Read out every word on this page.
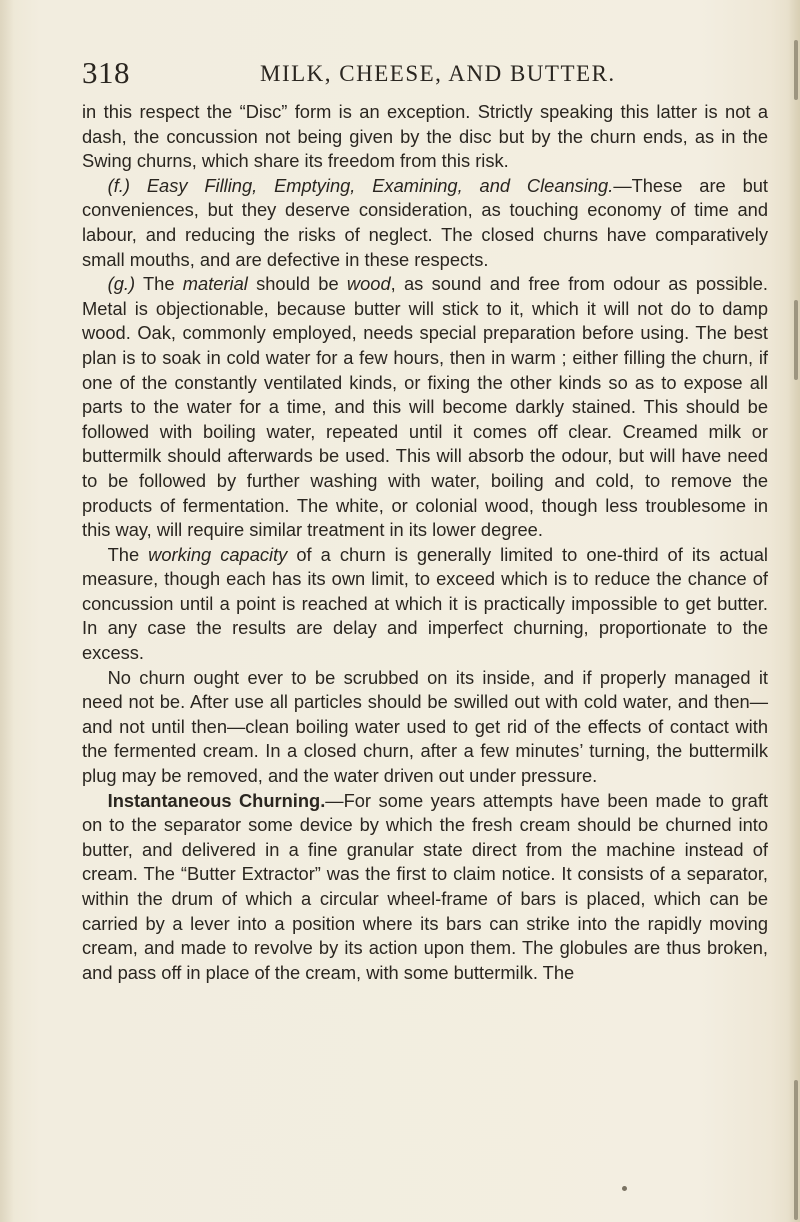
318	MILK, CHEESE, AND BUTTER.

in this respect the “Disc” form is an exception. Strictly speaking this latter is not a dash, the concussion not being given by the disc but by the churn ends, as in the Swing churns, which share its freedom from this risk.

(f.) Easy Filling, Emptying, Examining, and Cleansing.—These are but conveniences, but they deserve consideration, as touching economy of time and labour, and reducing the risks of neglect. The closed churns have comparatively small mouths, and are defective in these respects.

(g.) The material should be wood, as sound and free from odour as possible. Metal is objectionable, because butter will stick to it, which it will not do to damp wood. Oak, commonly employed, needs special preparation before using. The best plan is to soak in cold water for a few hours, then in warm ; either filling the churn, if one of the constantly ventilated kinds, or fixing the other kinds so as to expose all parts to the water for a time, and this will become darkly stained. This should be followed with boiling water, repeated until it comes off clear. Creamed milk or buttermilk should afterwards be used. This will absorb the odour, but will have need to be followed by further washing with water, boiling and cold, to remove the products of fermentation. The white, or colonial wood, though less troublesome in this way, will require similar treatment in its lower degree.

The working capacity of a churn is generally limited to one-third of its actual measure, though each has its own limit, to exceed which is to reduce the chance of concussion until a point is reached at which it is practically impossible to get butter. In any case the results are delay and imperfect churning, proportionate to the excess.

No churn ought ever to be scrubbed on its inside, and if properly managed it need not be. After use all particles should be swilled out with cold water, and then—and not until then—clean boiling water used to get rid of the effects of contact with the fermented cream. In a closed churn, after a few minutes’ turning, the buttermilk plug may be removed, and the water driven out under pressure.

Instantaneous Churning.—For some years attempts have been made to graft on to the separator some device by which the fresh cream should be churned into butter, and delivered in a fine granular state direct from the machine instead of cream. The “Butter Extractor” was the first to claim notice. It consists of a separator, within the drum of which a circular wheel-frame of bars is placed, which can be carried by a lever into a position where its bars can strike into the rapidly moving cream, and made to revolve by its action upon them. The globules are thus broken, and pass off in place of the cream, with some buttermilk. The
